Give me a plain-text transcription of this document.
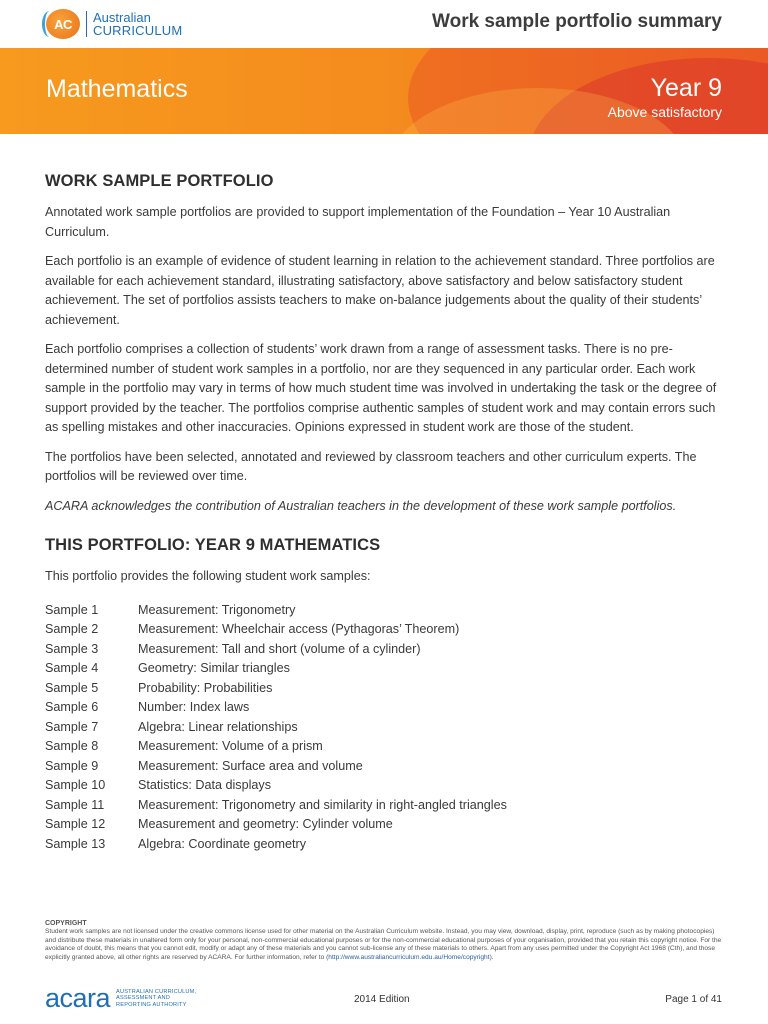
AC Australian
CURRICULUM	Work sample portfolio summary
Mathematics	Year 9
Above satisfactory
WORK SAMPLE PORTFOLIO

Annotated work sample portfolios are provided to support implementation of the Foundation – Year 10 Australian Curriculum.

Each portfolio is an example of evidence of student learning in relation to the achievement standard. Three portfolios are available for each achievement standard, illustrating satisfactory, above satisfactory and below satisfactory student achievement. The set of portfolios assists teachers to make on-balance judgements about the quality of their students’ achievement.

Each portfolio comprises a collection of students’ work drawn from a range of assessment tasks. There is no pre-determined number of student work samples in a portfolio, nor are they sequenced in any particular order. Each work sample in the portfolio may vary in terms of how much student time was involved in undertaking the task or the degree of support provided by the teacher. The portfolios comprise authentic samples of student work and may contain errors such as spelling mistakes and other inaccuracies. Opinions expressed in student work are those of the student.

The portfolios have been selected, annotated and reviewed by classroom teachers and other curriculum experts. The portfolios will be reviewed over time.

ACARA acknowledges the contribution of Australian teachers in the development of these work sample portfolios.

THIS PORTFOLIO: YEAR 9 MATHEMATICS

This portfolio provides the following student work samples:

Sample 1	Measurement: Trigonometry
Sample 2	Measurement: Wheelchair access (Pythagoras’ Theorem)
Sample 3	Measurement: Tall and short (volume of a cylinder)
Sample 4	Geometry: Similar triangles
Sample 5	Probability: Probabilities
Sample 6	Number: Index laws
Sample 7	Algebra: Linear relationships
Sample 8	Measurement: Volume of a prism
Sample 9	Measurement: Surface area and volume
Sample 10	Statistics: Data displays
Sample 11	Measurement: Trigonometry and similarity in right-angled triangles
Sample 12	Measurement and geometry: Cylinder volume
Sample 13	Algebra: Coordinate geometry
COPYRIGHT
Student work samples are not licensed under the creative commons license used for other material on the Australian Curriculum website. Instead, you may view, download, display, print, reproduce (such as by making photocopies) and distribute these materials in unaltered form only for your personal, non-commercial educational purposes or for the non-commercial educational purposes of your organisation, provided that you retain this copyright notice. For the avoidance of doubt, this means that you cannot edit, modify or adapt any of these materials and you cannot sub-license any of these materials to others. Apart from any uses permitted under the Copyright Act 1968 (Cth), and those explicitly granted above, all other rights are reserved by ACARA. For further information, refer to (http://www.australiancurriculum.edu.au/Home/copyright).
acara AUSTRALIAN CURRICULUM,
ASSESSMENT AND
REPORTING AUTHORITY	2014 Edition	Page 1 of 41
